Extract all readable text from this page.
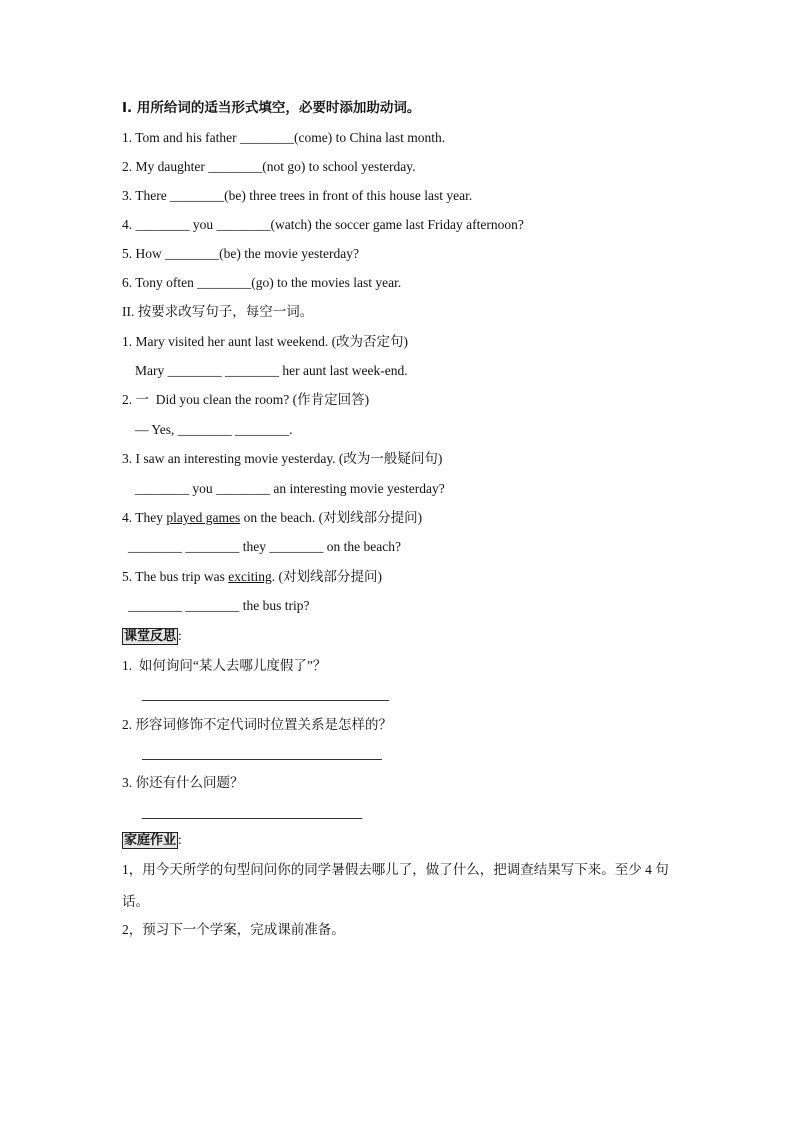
I. 用所给词的适当形式填空，必要时添加助动词。
1. Tom and his father ________(come) to China last month.
2. My daughter ________(not go) to school yesterday.
3. There ________(be) three trees in front of this house last year.
4. ________ you ________(watch) the soccer game last Friday afternoon?
5. How ________(be) the movie yesterday?
6. Tony often ________(go) to the movies last year.
II. 按要求改写句子，每空一词。
1. Mary visited her aunt last weekend. (改为否定句)
Mary ________ ________ her aunt last week-end.
2. 一  Did you clean the room? (作肯定回答)
— Yes, ________ ________.
3. I saw an interesting movie yesterday. (改为一般疑问句)
________ you ________ an interesting movie yesterday?
4. They played games on the beach. (对划线部分提问)
________ ________ they ________ on the beach?
5. The bus trip was exciting. (对划线部分提问)
________ ________ the bus trip?
课堂反思 :
1.  如何询问“某人去哪儿度假了”？
2. 形容词修饰不定代词时位置关系是怎样的？
3. 你还有什么问题？
家庭作业 :
1，用今天所学的句型问问你的同学暑假去哪儿了，做了什么，把调查结果写下来。至少 4 句
话。
2，预习下一个学案，完成课前准备。
